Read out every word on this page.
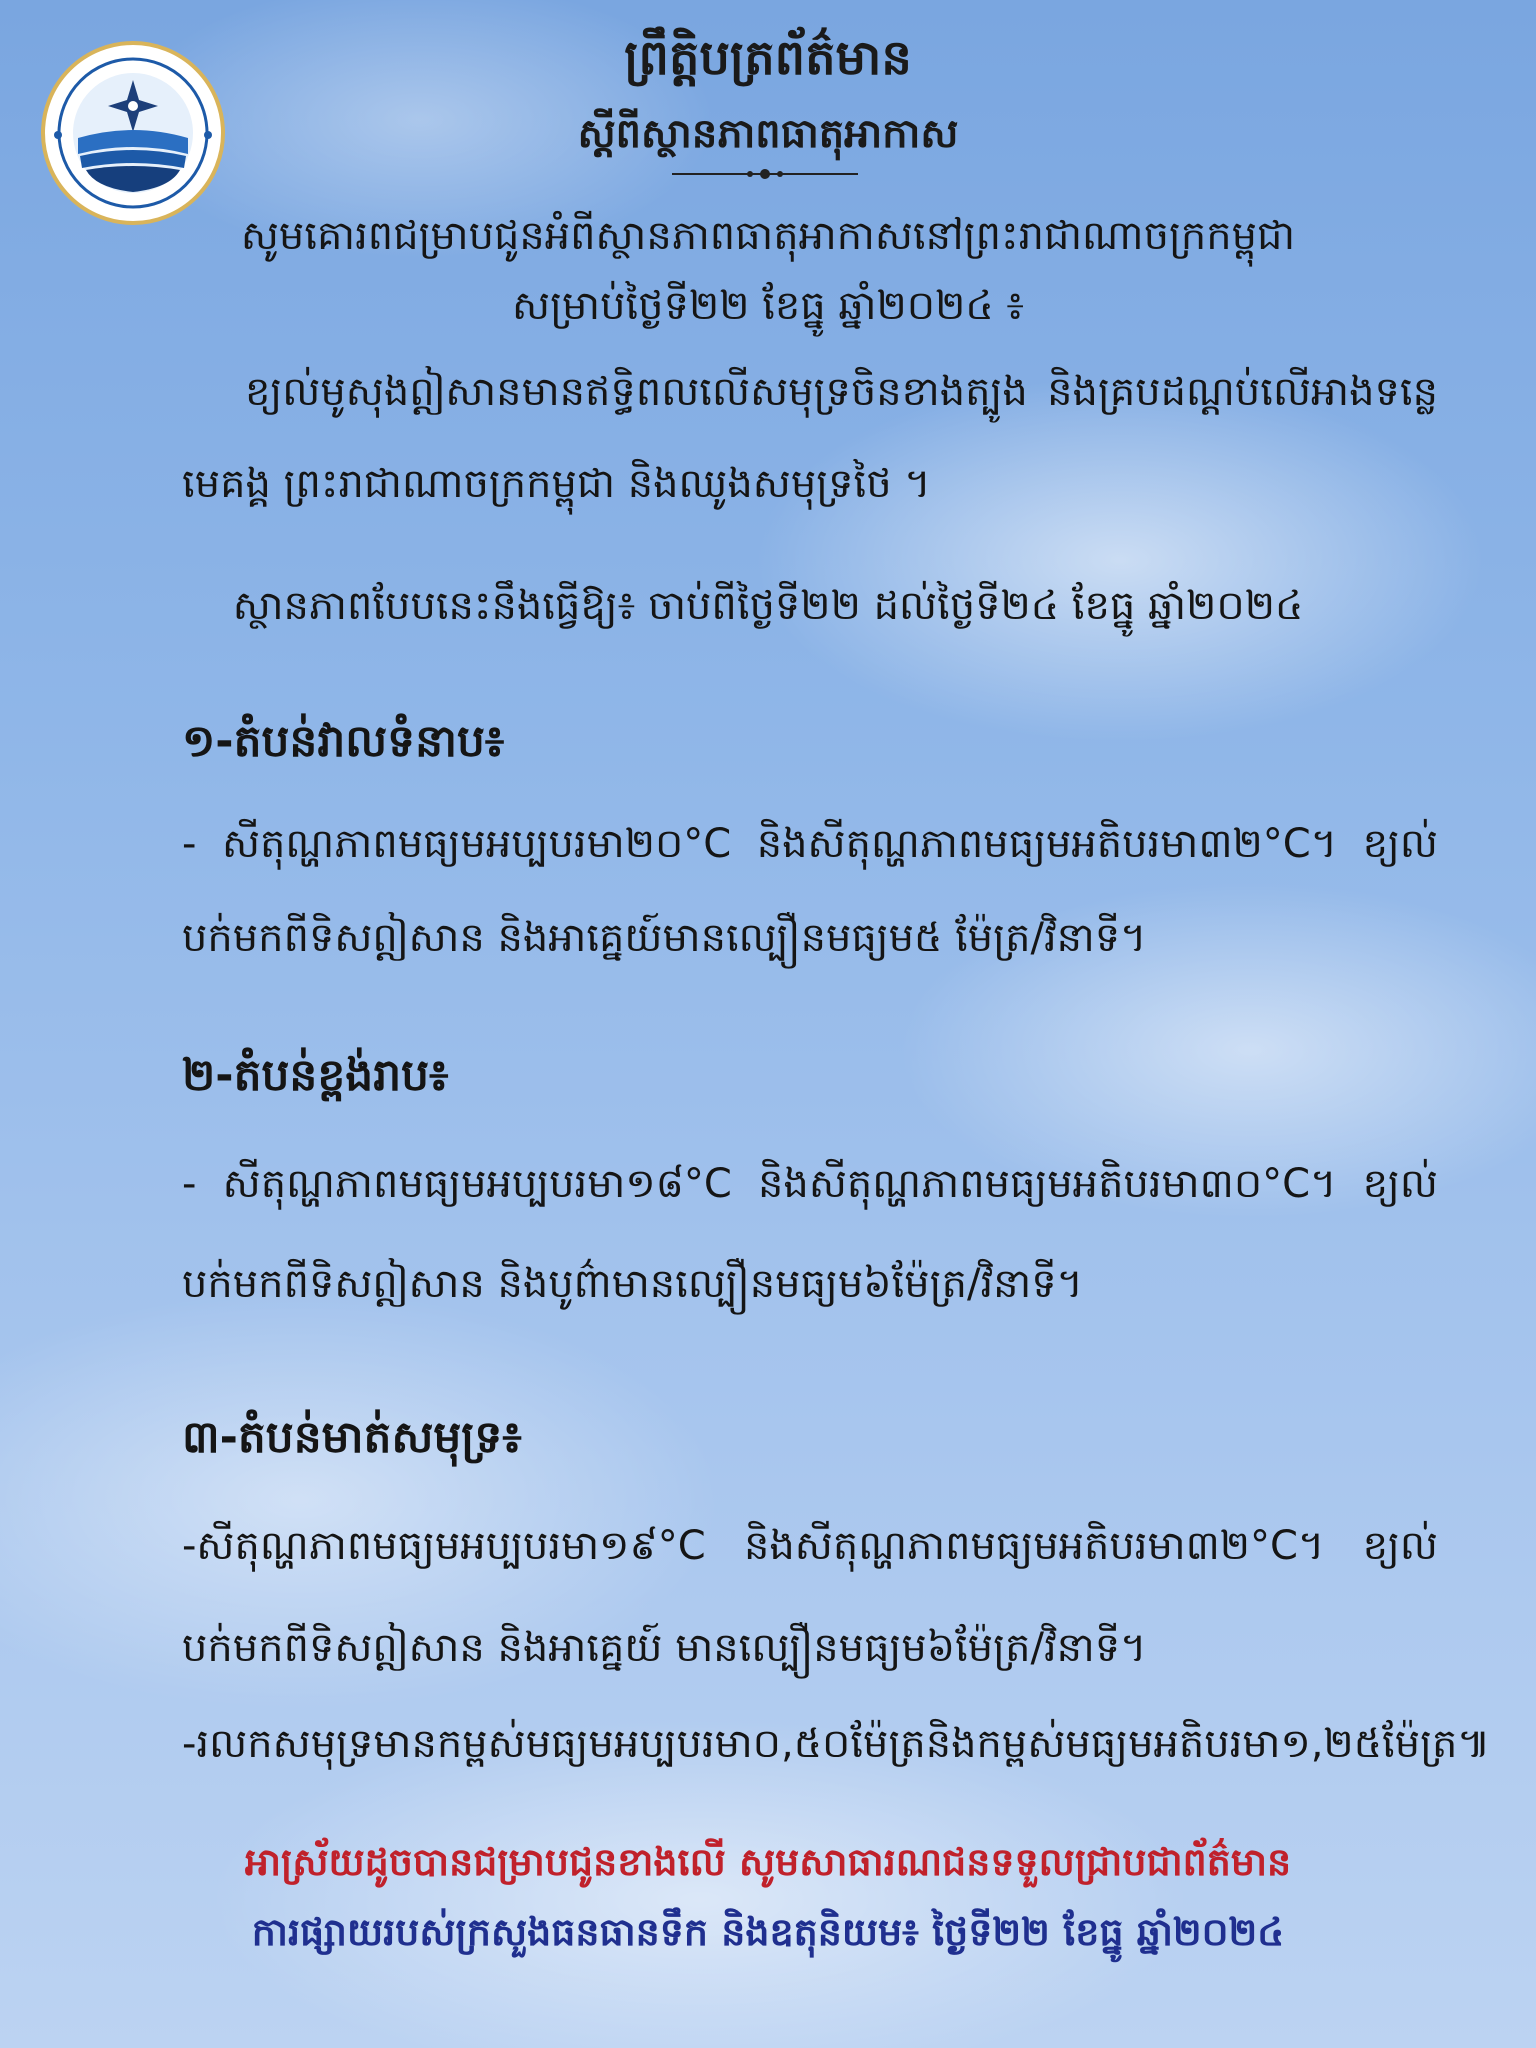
ព្រឹត្តិបត្រព័ត៌មាន
ស្តីពីស្ថានភាពធាតុអាកាស
សូមគោរពជម្រាបជូនអំពីស្ថានភាពធាតុអាកាសនៅព្រះរាជាណាចក្រកម្ពុជា
សម្រាប់ថ្ងៃទី២២ ខែធ្នូ ឆ្នាំ២០២៤ ៖
ខ្យល់មូសុងឦសានមានឥទ្ធិពលលើសមុទ្រចិនខាងត្បូង និងគ្របដណ្តប់លើអាងទន្លេ
មេគង្គ ព្រះរាជាណាចក្រកម្ពុជា និងឈូងសមុទ្រថៃ ។
ស្ថានភាពបែបនេះនឹងធ្វើឱ្យ៖ ចាប់ពីថ្ងៃទី២២ ដល់ថ្ងៃទី២៤ ខែធ្នូ ឆ្នាំ២០២៤
១-តំបន់វាលទំនាប៖
- សីតុណ្ហភាពមធ្យមអប្បបរមា២០°C និងសីតុណ្ហភាពមធ្យមអតិបរមា៣២°C។ ខ្យល់
បក់មកពីទិសឦសាន និងអាគ្នេយ៍មានល្បឿនមធ្យម៥ ម៉ែត្រ/វិនាទី។
២-តំបន់ខ្ពង់រាប៖
- សីតុណ្ហភាពមធ្យមអប្បបរមា១៨°C និងសីតុណ្ហភាពមធ្យមអតិបរមា៣០°C។ ខ្យល់
បក់មកពីទិសឦសាន និងបូព៌ាមានល្បឿនមធ្យម៦ម៉ែត្រ/វិនាទី។
៣-តំបន់មាត់សមុទ្រ៖
-សីតុណ្ហភាពមធ្យមអប្បបរមា១៩°C និងសីតុណ្ហភាពមធ្យមអតិបរមា៣២°C។ ខ្យល់
បក់មកពីទិសឦសាន និងអាគ្នេយ៍ មានល្បឿនមធ្យម៦ម៉ែត្រ/វិនាទី។
-រលកសមុទ្រមានកម្ពស់មធ្យមអប្បបរមា០,៥០ម៉ែត្រនិងកម្ពស់មធ្យមអតិបរមា១,២៥ម៉ែត្រ៕
អាស្រ័យដូចបានជម្រាបជូនខាងលើ សូមសាធារណជនទទួលជ្រាបជាព័ត៌មាន
ការផ្សាយរបស់ក្រសួងធនធានទឹក និងឧតុនិយម៖ ថ្ងៃទី២២ ខែធ្នូ ឆ្នាំ២០២៤
